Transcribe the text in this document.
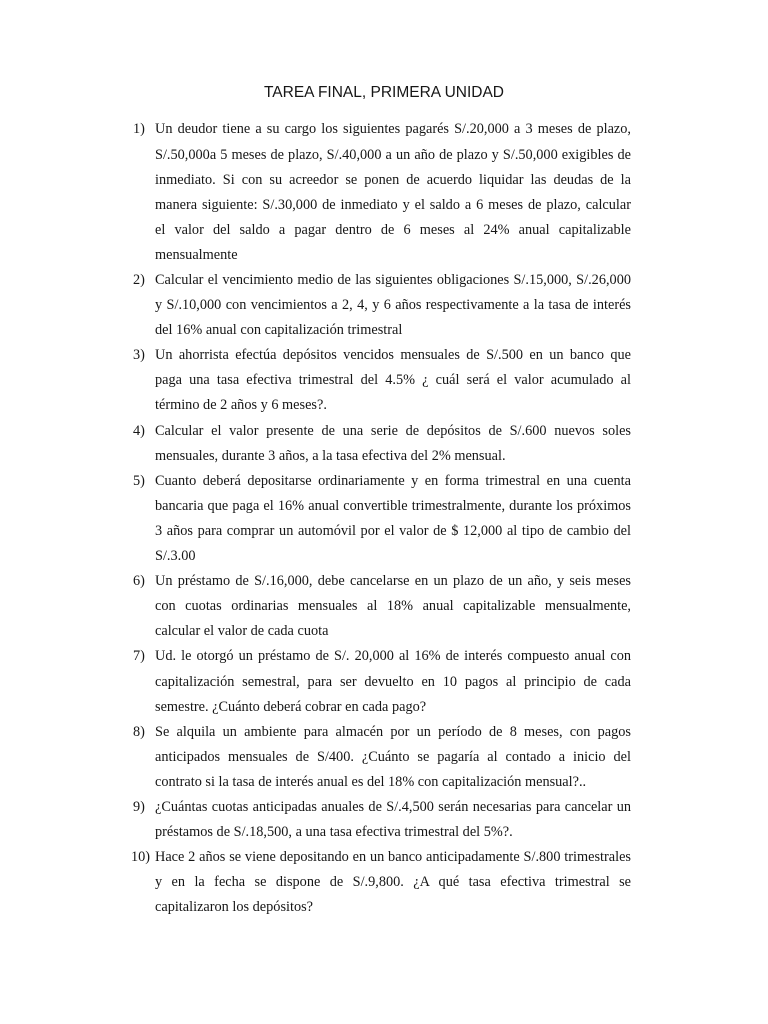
TAREA FINAL, PRIMERA UNIDAD
1) Un deudor tiene a su cargo los siguientes pagarés S/.20,000 a 3 meses de plazo,
S/.50,000a 5 meses de plazo, S/.40,000 a un año de plazo y S/.50,000 exigibles de
inmediato. Si con su acreedor se ponen de acuerdo liquidar las deudas de la
manera siguiente: S/.30,000 de inmediato y el saldo a 6 meses de plazo, calcular
el valor del saldo a pagar dentro de 6 meses al 24% anual capitalizable
mensualmente
2) Calcular el vencimiento medio de las siguientes obligaciones S/.15,000, S/.26,000
y S/.10,000 con vencimientos a 2, 4, y 6 años respectivamente a la tasa de interés
del 16% anual con capitalización trimestral
3) Un ahorrista efectúa depósitos vencidos mensuales de S/.500 en un banco que
paga una tasa efectiva trimestral del 4.5% ¿ cuál será el valor acumulado al
término de 2 años y 6 meses?.
4) Calcular el valor presente de una serie de depósitos de S/.600 nuevos soles
mensuales, durante 3 años, a la tasa efectiva del 2% mensual.
5) Cuanto deberá depositarse ordinariamente y en forma trimestral en una cuenta
bancaria que paga el 16% anual convertible trimestralmente, durante los próximos
3 años para comprar un automóvil por el valor de $ 12,000 al tipo de cambio del
S/.3.00
6) Un préstamo de S/.16,000, debe cancelarse en un plazo de un año, y seis meses
con cuotas ordinarias mensuales al 18% anual capitalizable mensualmente,
calcular el valor de cada cuota
7) Ud. le otorgó un préstamo de S/. 20,000 al 16% de interés compuesto anual con
capitalización semestral, para ser devuelto en 10 pagos al principio de cada
semestre. ¿Cuánto deberá cobrar en cada pago?
8) Se alquila un ambiente para almacén por un período de 8 meses, con pagos
anticipados mensuales de S/400. ¿Cuánto se pagaría al contado a inicio del
contrato si la tasa de interés anual es del 18% con capitalización mensual?..
9) ¿Cuántas cuotas anticipadas anuales de S/.4,500 serán necesarias para cancelar un
préstamos de S/.18,500, a una tasa efectiva trimestral del 5%?.
10) Hace 2 años se viene depositando en un banco anticipadamente S/.800 trimestrales
y en la fecha se dispone de S/.9,800. ¿A qué tasa efectiva trimestral se
capitalizaron los depósitos?
